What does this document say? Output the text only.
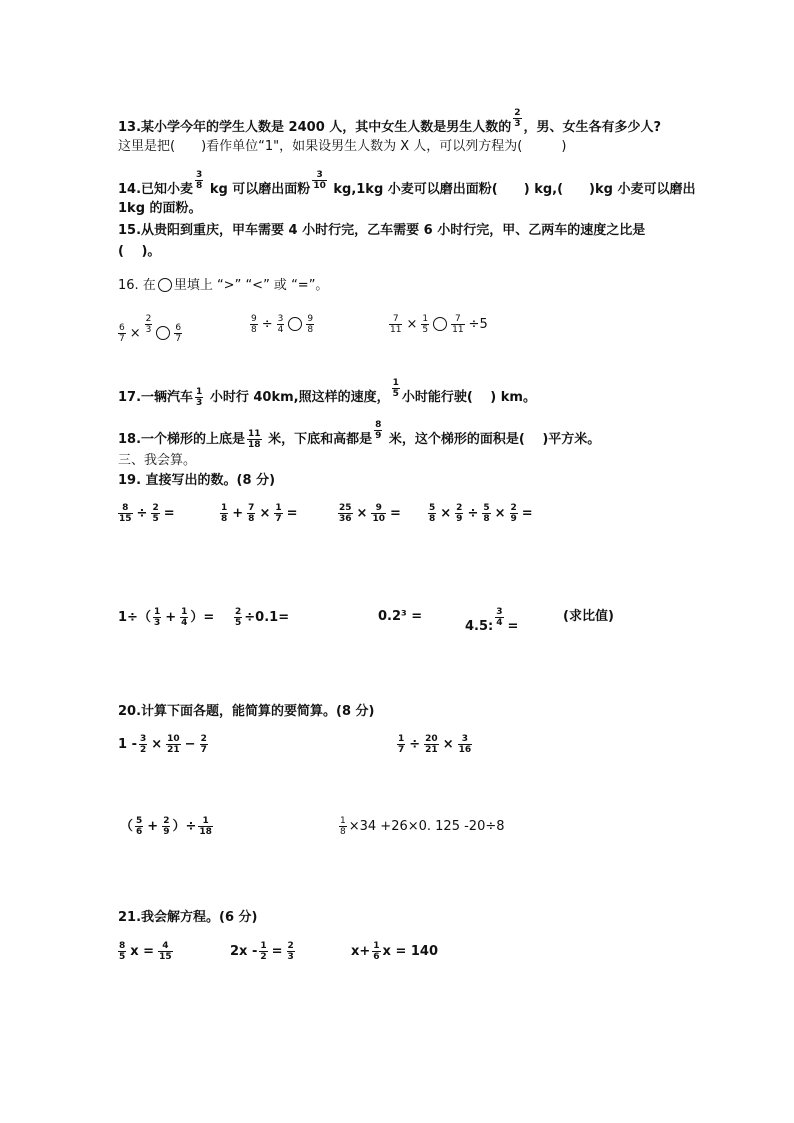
13.某小学今年的学生人数是 2400 人，其中女生人数是男生人数的 $\frac{2}{3}$ ，男、女生各有多少人?
这里是把(　　)看作单位“1"，如果设男生人数为 X 人，可以列方程为(　　　)
14.已知小麦 $\frac{3}{8}$ kg 可以磨出面粉 $\frac{3}{10} kg,1kg$ 小麦可以磨出面粉(　　) kg,(　　)kg 小麦可以磨出
1kg 的面粉。
15.从贵阳到重庆，甲车需要 4 小时行完，乙车需要 6 小时行完，甲、乙两车的速度之比是
(　 )。
16. 在 里填上 “>” “<” 或 “=”。
$\frac{6}{7} \times \frac{2}{3} \frac{6}{7}$	$\frac{9}{8} \div \frac{3}{4} \frac{9}{8}$	$\frac{7}{11} \times \frac{1}{5} \frac{7}{11} \div 5$
17.一辆汽车 $\frac{1}{3}$ 小时行 40km,照这样的速度， $\frac{1}{5}$ 小时能行驶(　 ) km。
18.一个梯形的上底是 $\frac{11}{18}$ 米，下底和高都是 $\frac{8}{9}$ 米，这个梯形的面积是(　 )平方米。
三、我会算。
19. 直接写出的数。(8 分)
$\frac{8}{15} \div \frac{2}{5}$ =	$\frac{1}{8} + \frac{7}{8} \times \frac{1}{7}$ =	$\frac{25}{36} \times \frac{9}{10}$ =	$\frac{5}{8} \times \frac{2}{9} \div \frac{5}{8} \times \frac{2}{9}$ =
$1\div( \frac{1}{3} + \frac{1}{4}$ ）= $\frac{2}{5} \div 0.1=$	0.2³ =
4.5: $\frac{3}{4}$ =
(求比值)
20.计算下面各题，能简算的要简算。(8 分)
$1 - \frac{3}{2} \times \frac{10}{21} - \frac{2}{7}$	$\frac{1}{7} \div \frac{20}{21} \times \frac{3}{16}$
（ $\frac{5}{6} + \frac{2}{9}$ ）÷ $\frac{1}{18}$	$\frac{1}{8} \times 34 +26\times 0$. 125 -20÷8
21.我会解方程。(6 分)
$\frac{8}{5}$ $x = \frac{4}{15}$	$2x - \frac{1}{2} = \frac{2}{3}$	$x+ \frac{1}{6}$ x = 140
